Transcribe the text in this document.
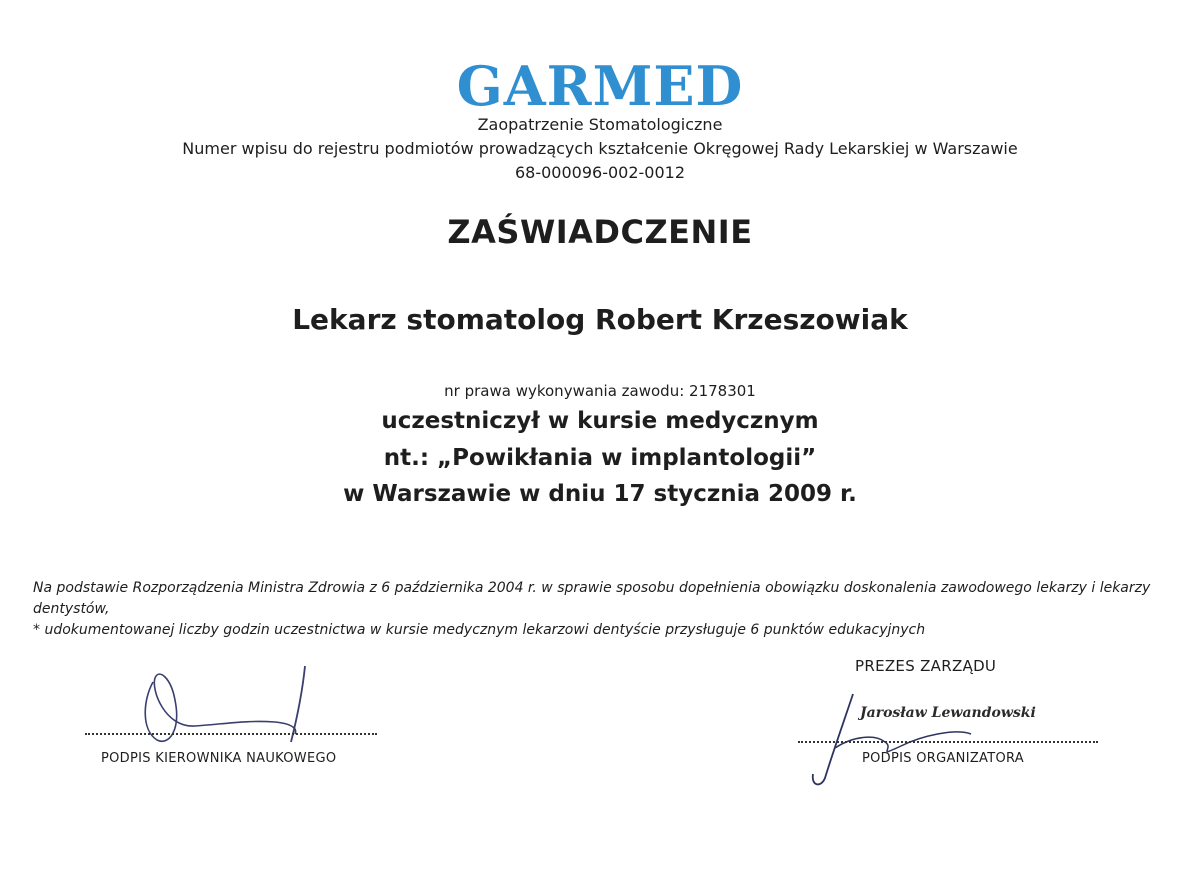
GARMED
Zaopatrzenie Stomatologiczne
Numer wpisu do rejestru podmiotów prowadzących kształcenie Okręgowej Rady Lekarskiej w Warszawie
68-000096-002-0012
ZAŚWIADCZENIE
Lekarz stomatolog Robert Krzeszowiak
nr prawa wykonywania zawodu: 2178301
uczestniczył w kursie medycznym
nt.: „Powikłania w implantologii”
w Warszawie w dniu 17 stycznia 2009 r.

Na podstawie Rozporządzenia Ministra Zdrowia z 6 października 2004 r. w sprawie sposobu dopełnienia obowiązku doskonalenia zawodowego lekarzy i lekarzy dentystów,

* udokumentowanej liczby godzin uczestnictwa w kursie medycznym lekarzowi dentyście przysługuje 6 punktów edukacyjnych

PREZES ZARZĄDU
PODPIS KIEROWNIKA NAUKOWEGO
Jarosław Lewandowski
PODPIS ORGANIZATORA
